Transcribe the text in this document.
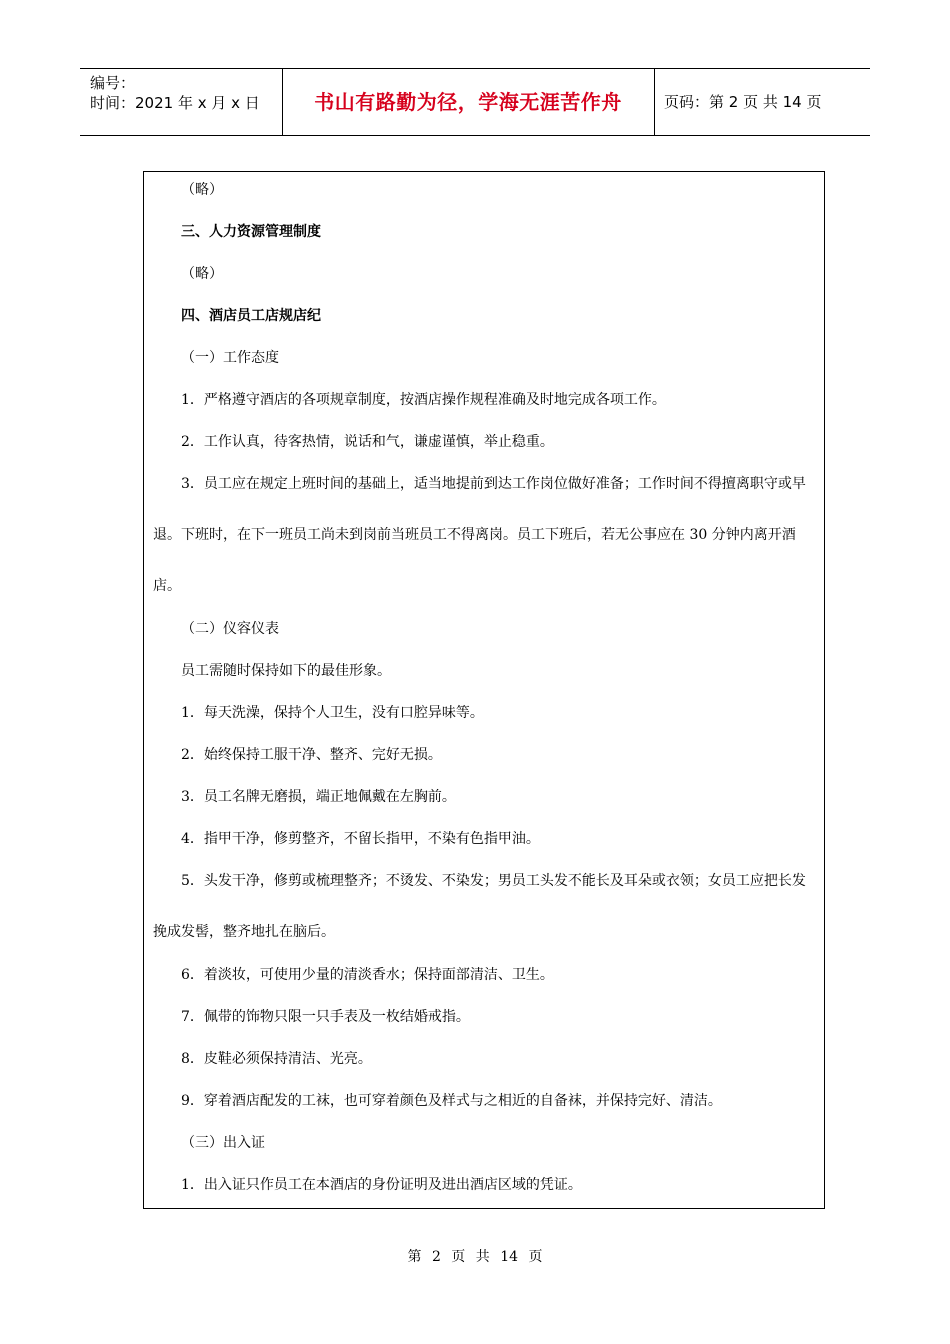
编号：
时间：2021 年 x 月 x 日	书山有路勤为径，学海无涯苦作舟	页码：第 2 页 共 14 页

（略）

三、人力资源管理制度

（略）

四、酒店员工店规店纪

（一）工作态度

1．严格遵守酒店的各项规章制度，按酒店操作规程准确及时地完成各项工作。

2．工作认真，待客热情，说话和气，谦虚谨慎，举止稳重。

3．员工应在规定上班时间的基础上，适当地提前到达工作岗位做好准备；工作时间不得擅离职守或早退。下班时，在下一班员工尚未到岗前当班员工不得离岗。员工下班后，若无公事应在 30 分钟内离开酒店。

（二）仪容仪表

员工需随时保持如下的最佳形象。

1．每天洗澡，保持个人卫生，没有口腔异味等。

2．始终保持工服干净、整齐、完好无损。

3．员工名牌无磨损，端正地佩戴在左胸前。

4．指甲干净，修剪整齐，不留长指甲，不染有色指甲油。

5．头发干净，修剪或梳理整齐；不烫发、不染发；男员工头发不能长及耳朵或衣领；女员工应把长发挽成发髻，整齐地扎在脑后。

6．着淡妆，可使用少量的清淡香水；保持面部清洁、卫生。

7．佩带的饰物只限一只手表及一枚结婚戒指。

8．皮鞋必须保持清洁、光亮。

9．穿着酒店配发的工袜，也可穿着颜色及样式与之相近的自备袜，并保持完好、清洁。

（三）出入证

1．出入证只作员工在本酒店的身份证明及进出酒店区域的凭证。

第 2 页 共 14 页
